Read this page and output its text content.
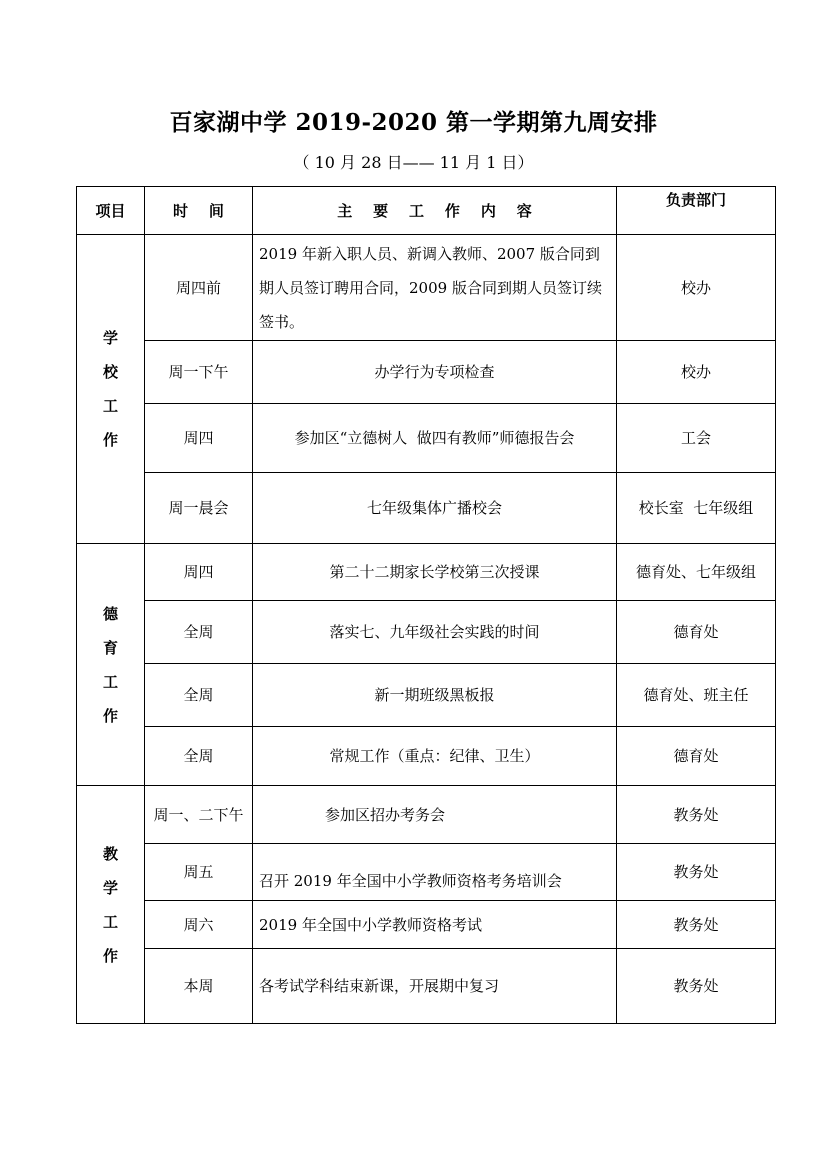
百家湖中学 2019-2020 第一学期第九周安排
（ 10 月 28 日—— 11 月 1 日）
项目	时    间	主    要    工    作    内    容	负责部门

学
校
工
作	周四前	2019 年新入职人员、新调入教师、2007 版合同到期人员签订聘用合同，2009 版合同到期人员签订续签书。	校办
	周一下午	办学行为专项检查	校办
	周四	参加区“立德树人  做四有教师”师德报告会	工会
	周一晨会	七年级集体广播校会	校长室  七年级组

德
育
工
作	周四	第二十二期家长学校第三次授课	德育处、七年级组
	全周	落实七、九年级社会实践的时间	德育处
	全周	新一期班级黑板报	德育处、班主任
	全周	常规工作（重点：纪律、卫生）	德育处

教
学
工
作	周一、二下午	参加区招办考务会	教务处
	周五	召开 2019 年全国中小学教师资格考务培训会	教务处
	周六	2019 年全国中小学教师资格考试	教务处
	本周	各考试学科结束新课，开展期中复习	教务处
